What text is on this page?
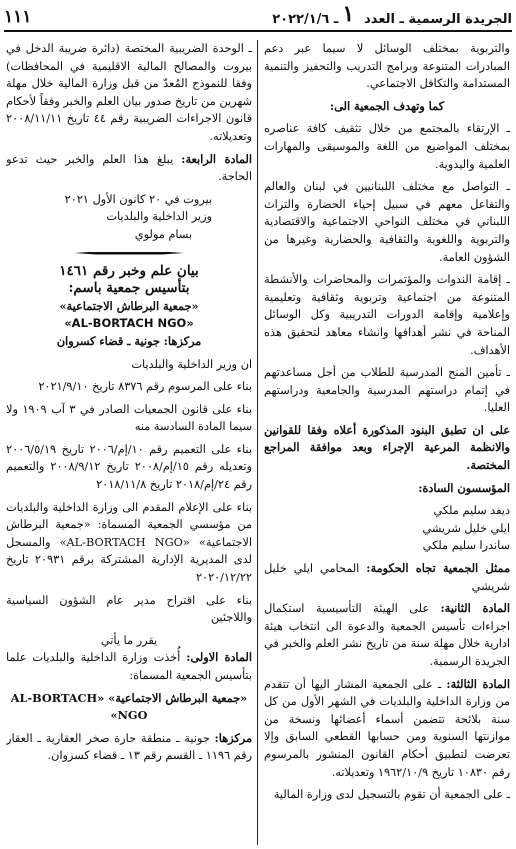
الجريدة الرسمية ـ العدد
١
ـ ٢٠٢٢/١/٦
١١١

والتربوية بمختلف الوسائل لا سيما عبر دعم المبادرات المتنوعة وبرامج التدريب والتحفيز والتنمية المستدامة والتكافل الاجتماعي.

كما وتهدف الجمعية الى:

ـ الإرتقاء بالمجتمع من خلال تثقيف كافة عناصره بمختلف المواضيع من اللغة والموسيقى والمهارات العلمية واليدوية.

ـ التواصل مع مختلف اللبنانيين في لبنان والعالم والتفاعل معهم في سبيل إحياء الحضارة والتراث اللبناني في مختلف النواحي الاجتماعية والاقتصادية والتربوية واللغوية والثقافية والحضارية وغيرها من الشؤون العامة.

ـ إقامة الندوات والمؤتمرات والمحاضرات والأنشطة المتنوعة من اجتماعية وتربوية وثقافية وتعليمية وإعلامية وإقامة الدورات التدريبية وكل الوسائل المناحة في نشر أهدافها وانشاء معاهد لتحقيق هذه الأهداف.

ـ تأمين المنح المدرسية للطلاب من أجل مساعدتهم في إتمام دراستهم المدرسية والجامعية ودراستهم العليا.

على ان تطبق البنود المذكورة أعلاه وفقا للقوانين والانظمة المرعية الإجراء وبعد موافقة المراجع المختصة.

المؤسسون السادة:

ديفد سليم ملكي

ايلي خليل شريشي

ساندرا سليم ملكي

ممثل الجمعية تجاه الحكومة: المحامي ايلي خليل شريشي

المادة الثانية: على الهيئة التأسيسية استكمال اجراءات تأسيس الجمعية والدعوة الى انتخاب هيئة ادارية خلال مهلة سنة من تاريخ نشر العلم والخبر في الجريدة الرسمية.

المادة الثالثة: ـ على الجمعية المشار اليها أن تتقدم من وزارة الداخلية والبلديات في الشهر الأول من كل سنة بلائحة تتضمن أسماء أعضائها ونسخة من موازنتها السنوية ومن حسابها القطعي السابق وإلا تعرضت لتطبيق أحكام القانون المنشور بالمرسوم رقم ١٠٨٣٠ تاريخ ١٩٦٢/١٠/٩ وتعديلاته.

ـ على الجمعية أن تقوم بالتسجيل لدى وزارة المالية

ـ الوحدة الضريبية المختصة (دائرة ضريبة الدخل في بيروت والمصالح المالية الاقليمية في المحافظات) وفقا للنموذج المُعدّ من قبل وزارة المالية خلال مهلة شهرين من تاريخ صدور بيان العلم والخبر وفقاً لأحكام قانون الاجراءات الضريبية رقم ٤٤ تاريخ ٢٠٠٨/١١/١١ وتعديلاته.

المادة الرابعة: يبلغ هذا العلم والخبر حيث تدعو الحاجة.

بيروت في ٢٠ كانون الأول ٢٠٢١

وزير الداخلية والبلديات

بسام مولوي

بيان علم وخبر رقم ١٤٦١

بتأسيس جمعية باسم:

«جمعية البرطاش الاجتماعية»

«AL-BORTACH NGO»

مركزها: جونية ـ قضاء كسروان

ان وزير الداخلية والبلديات

بناء على المرسوم رقم ٨٣٧٦ تاريخ ٢٠٢١/٩/١٠

بناء على قانون الجمعيات الصادر في ٣ آب ١٩٠٩ ولا سيما المادة السادسة منه

بناء على التعميم رقم ١٠/إم/٢٠٠٦ تاريخ ٢٠٠٦/٥/١٩ وتعديله رقم ١٥/إم/٢٠٠٨ تاريخ ٢٠٠٨/٩/١٢ والتعميم رقم ٢٤/إم/٢٠١٨ تاريخ ٢٠١٨/١١/٨

بناء على الإعلام المقدم الى وزارة الداخلية والبلديات من مؤسسي الجمعية المسماة: «جمعية البرطاش الاجتماعية» «AL-BORTACH NGO» والمسجل لدى المديرية الإدارية المشتركة برقم ٢٠٩٣١ تاريخ ٢٠٢٠/١٢/٢٢

بناء على اقتراح مدير عام الشؤون السياسية واللاجئين

يقرر ما يأتي

المادة الاولى: أُخذت وزارة الداخلية والبلديات علما بتأسيس الجمعية المسماة:

«جمعية البرطاش الاجتماعية» «AL-BORTACH NGO»

مركزها: جونية ـ منطقة حارة صخر العقارية ـ العقار رقم ١١٩٦ ـ القسم رقم ١٣ ـ قضاء كسروان.
